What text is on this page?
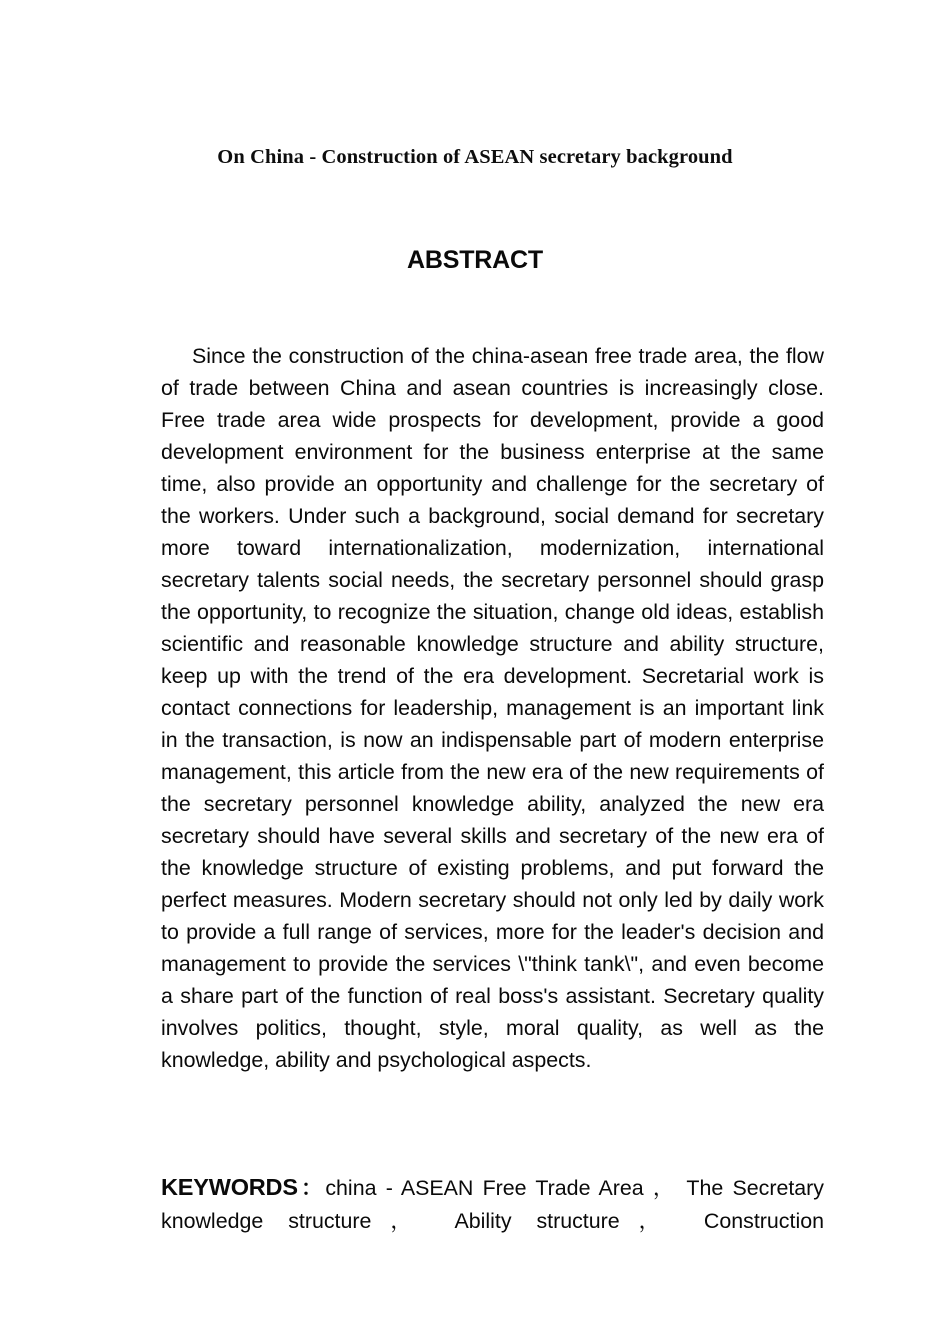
On China - Construction of ASEAN secretary background
ABSTRACT

Since the construction of the china-asean free trade area, the flow of trade between China and asean countries is increasingly close. Free trade area wide prospects for development, provide a good development environment for the business enterprise at the same time, also provide an opportunity and challenge for the secretary of the workers. Under such a background, social demand for secretary more toward internationalization, modernization, international secretary talents social needs, the secretary personnel should grasp the opportunity, to recognize the situation, change old ideas, establish scientific and reasonable knowledge structure and ability structure, keep up with the trend of the era development. Secretarial work is contact connections for leadership, management is an important link in the transaction, is now an indispensable part of modern enterprise management, this article from the new era of the new requirements of the secretary personnel knowledge ability, analyzed the new era secretary should have several skills and secretary of the new era of the knowledge structure of existing problems, and put forward the perfect measures. Modern secretary should not only led by daily work to provide a full range of services, more for the leader's decision and management to provide the services \"think tank\", and even become a share part of the function of real boss's assistant. Secretary quality involves politics, thought, style, moral quality, as well as the knowledge, ability and psychological aspects.

KEYWORDS：china - ASEAN Free Trade Area ， The Secretary knowledge structure， Ability structure， Construction
